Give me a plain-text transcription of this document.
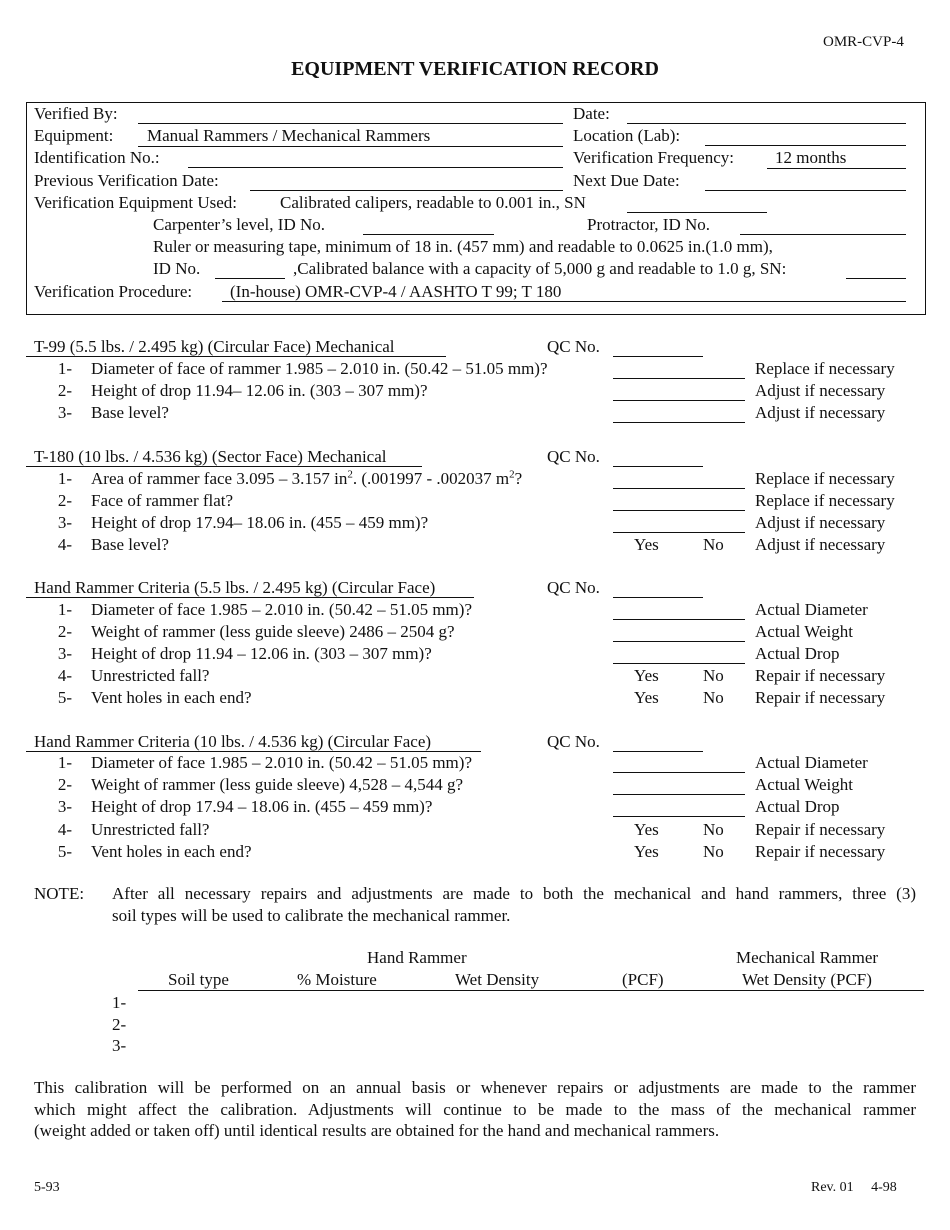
OMR-CVP-4
EQUIPMENT VERIFICATION RECORD
Verified By:	Date:
Equipment: Manual Rammers / Mechanical Rammers	Location (Lab):
Identification No.:	Verification Frequency: 12 months
Previous Verification Date:	Next Due Date:
Verification Equipment Used:	Calibrated calipers, readable to 0.001 in., SN
Carpenter’s level, ID No.	Protractor, ID No.
Ruler or measuring tape, minimum of 18 in. (457 mm) and readable to 0.0625 in.(1.0 mm),
ID No.	,Calibrated balance with a capacity of 5,000 g and readable to 1.0 g, SN:
Verification Procedure: (In-house) OMR-CVP-4 / AASHTO T 99; T 180
T-99 (5.5 lbs. / 2.495 kg) (Circular Face) Mechanical	QC No.
1- Diameter of face of rammer 1.985 – 2.010 in. (50.42 – 51.05 mm)?	Replace if necessary
2- Height of drop 11.94– 12.06 in. (303 – 307 mm)?	Adjust if necessary
3- Base level?	Adjust if necessary
T-180 (10 lbs. / 4.536 kg) (Sector Face) Mechanical	QC No.
1- Area of rammer face 3.095 – 3.157 $in^2$. (.001997 - .002037 $m^2$?	Replace if necessary
2- Face of rammer flat?	Replace if necessary
3- Height of drop 17.94– 18.06 in. (455 – 459 mm)?	Adjust if necessary
4- Base level?	Yes	No Adjust if necessary
Hand Rammer Criteria (5.5 lbs. / 2.495 kg) (Circular Face)	QC No.
1- Diameter of face 1.985 – 2.010 in. (50.42 – 51.05 mm)?	Actual Diameter
2- Weight of rammer (less guide sleeve) 2486 – 2504 g?	Actual Weight
3- Height of drop 11.94 – 12.06 in. (303 – 307 mm)?	Actual Drop
4- Unrestricted fall?	Yes	No Repair if necessary
5- Vent holes in each end?	Yes	No Repair if necessary
Hand Rammer Criteria (10 lbs. / 4.536 kg) (Circular Face)	QC No.
1- Diameter of face 1.985 – 2.010 in. (50.42 – 51.05 mm)?	Actual Diameter
2- Weight of rammer (less guide sleeve) 4,528 – 4,544 g?	Actual Weight
3- Height of drop 17.94 – 18.06 in. (455 – 459 mm)?	Actual Drop
4- Unrestricted fall?	Yes	No Repair if necessary
5- Vent holes in each end?	Yes	No Repair if necessary
NOTE: After all necessary repairs and adjustments are made to both the mechanical and hand rammers, three (3)
soil types will be used to calibrate the mechanical rammer.
Hand Rammer	Mechanical Rammer
Soil type	% Moisture	Wet Density	(PCF)	Wet Density (PCF)
1-
2-
3-
This calibration will be performed on an annual basis or whenever repairs or adjustments are made to the rammer
which might affect the calibration. Adjustments will continue to be made to the mass of the mechanical rammer
(weight added or taken off) until identical results are obtained for the hand and mechanical rammers.
5-93	Rev. 01     4-98
